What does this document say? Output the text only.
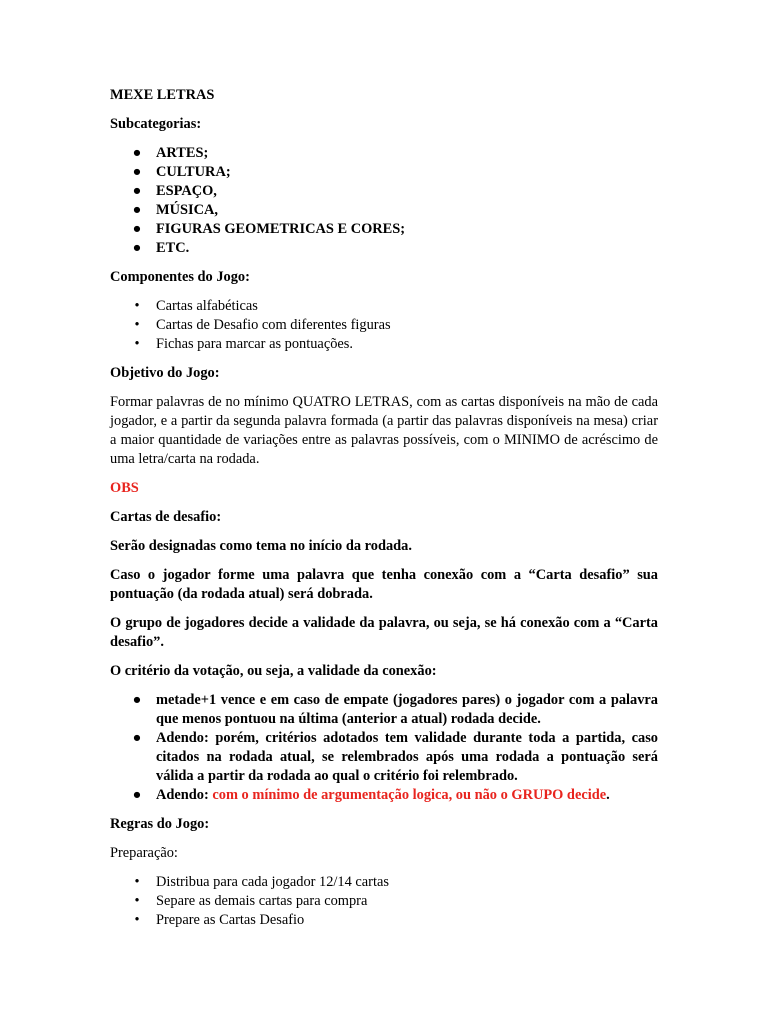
MEXE LETRAS

Subcategorias:

● ARTES;
● CULTURA;
● ESPAÇO,
● MÚSICA,
● FIGURAS GEOMETRICAS E CORES;
● ETC.

Componentes do Jogo:

• Cartas alfabéticas
• Cartas de Desafio com diferentes figuras
• Fichas para marcar as pontuações.

Objetivo do Jogo:

Formar palavras de no mínimo QUATRO LETRAS, com as cartas disponíveis na mão de cada jogador, e a partir da segunda palavra formada (a partir das palavras disponíveis na mesa) criar a maior quantidade de variações entre as palavras possíveis, com o MINIMO de acréscimo de uma letra/carta na rodada.

OBS

Cartas de desafio:

Serão designadas como tema no início da rodada.

Caso o jogador forme uma palavra que tenha conexão com a “Carta desafio” sua pontuação (da rodada atual) será dobrada.

O grupo de jogadores decide a validade da palavra, ou seja, se há conexão com a “Carta desafio”.

O critério da votação, ou seja, a validade da conexão:

● metade+1 vence e em caso de empate (jogadores pares) o jogador com a palavra que menos pontuou na última (anterior a atual) rodada decide.
● Adendo: porém, critérios adotados tem validade durante toda a partida, caso citados na rodada atual, se relembrados após uma rodada a pontuação será válida a partir da rodada ao qual o critério foi relembrado.
● Adendo: com o mínimo de argumentação logica, ou não o GRUPO decide.

Regras do Jogo:

Preparação:

• Distribua para cada jogador 12/14 cartas
• Separe as demais cartas para compra
• Prepare as Cartas Desafio
